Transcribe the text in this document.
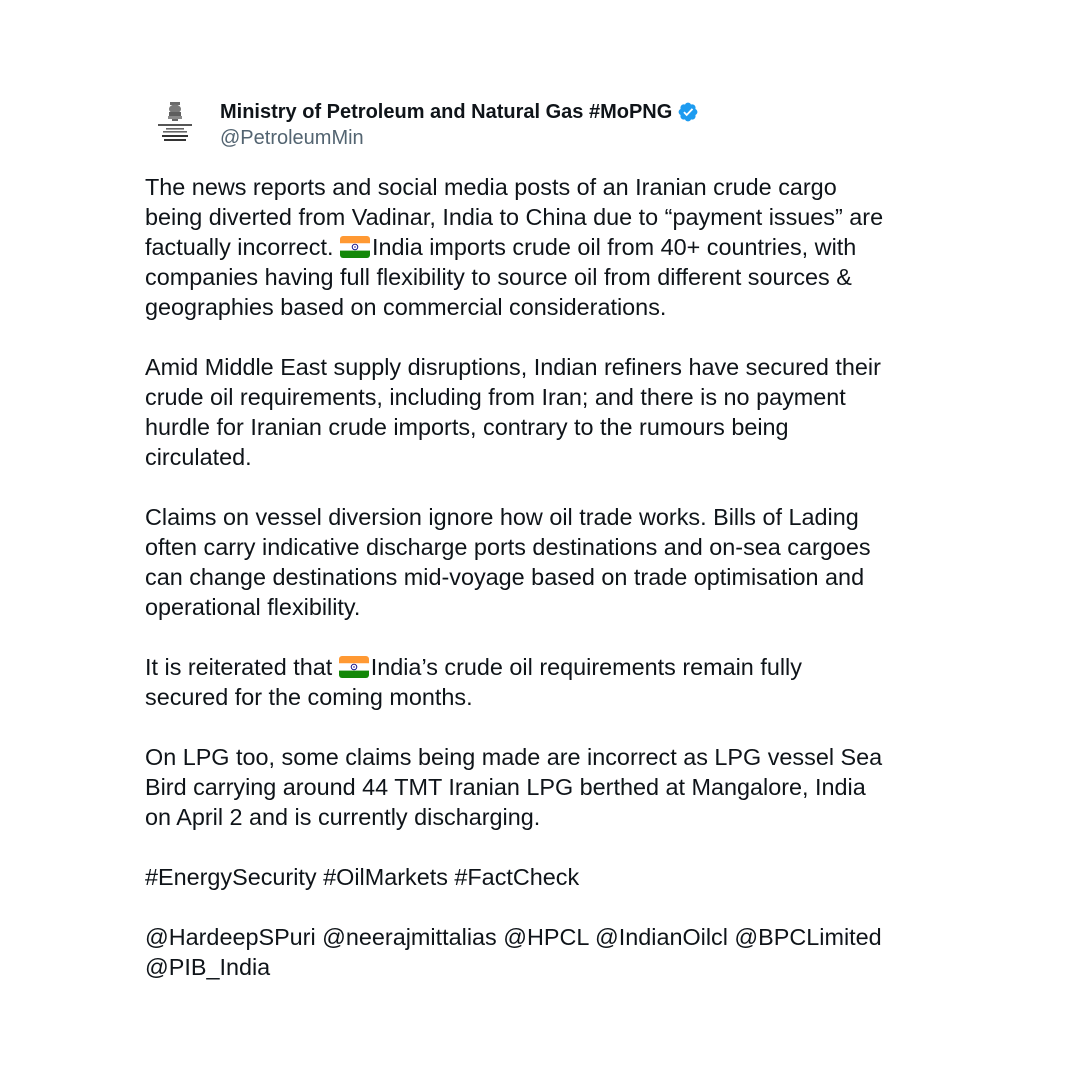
Ministry of Petroleum and Natural Gas #MoPNG
@PetroleumMin

The news reports and social media posts of an Iranian crude cargo
being diverted from Vadinar, India to China due to “payment issues” are
factually incorrect. India imports crude oil from 40+ countries, with
companies having full flexibility to source oil from different sources &
geographies based on commercial considerations.

Amid Middle East supply disruptions, Indian refiners have secured their
crude oil requirements, including from Iran; and there is no payment
hurdle for Iranian crude imports, contrary to the rumours being
circulated.

Claims on vessel diversion ignore how oil trade works. Bills of Lading
often carry indicative discharge ports destinations and on-sea cargoes
can change destinations mid-voyage based on trade optimisation and
operational flexibility.

It is reiterated that India’s crude oil requirements remain fully
secured for the coming months.

On LPG too, some claims being made are incorrect as LPG vessel Sea
Bird carrying around 44 TMT Iranian LPG berthed at Mangalore, India
on April 2 and is currently discharging.

#EnergySecurity #OilMarkets #FactCheck

@HardeepSPuri @neerajmittalias @HPCL @IndianOilcl @BPCLimited
@PIB_India
